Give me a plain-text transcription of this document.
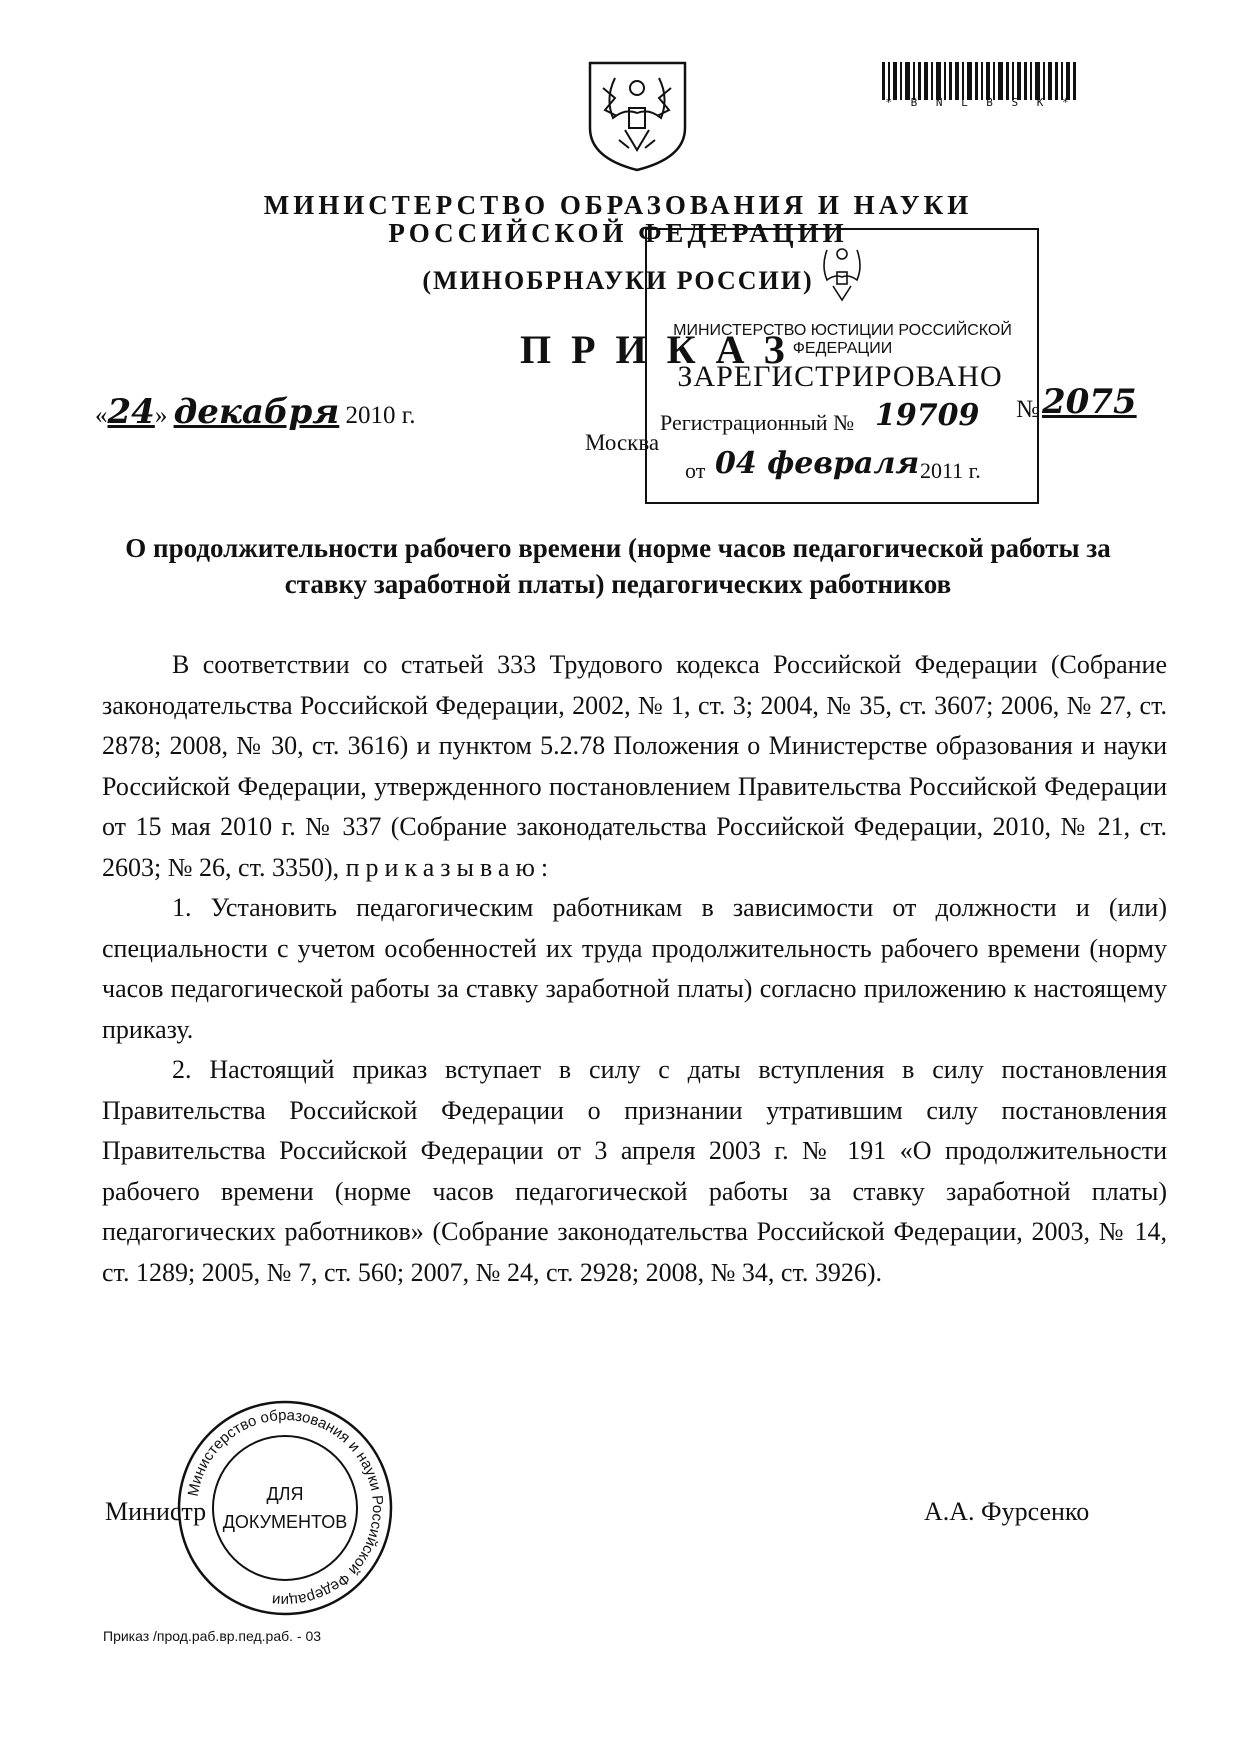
* B N L B S K *
МИНИСТЕРСТВО ОБРАЗОВАНИЯ И НАУКИ
РОССИЙСКОЙ ФЕДЕРАЦИИ
(МИНОБРНАУКИ РОССИИ)
ПРИКАЗ
МИНИСТЕРСТВО ЮСТИЦИИ РОССИЙСКОЙ ФЕДЕРАЦИИ
ЗАРЕГИСТРИРОВАНО
Регистрационный № 19709
от 04 февраля 2011 г.
«24» декабря 2010 г.
Москва
№ 2075
О продолжительности рабочего времени (норме часов педагогической работы за ставку заработной платы) педагогических работников

В соответствии со статьей 333 Трудового кодекса Российской Федерации (Собрание законодательства Российской Федерации, 2002, № 1, ст. 3; 2004, № 35, ст. 3607; 2006, № 27, ст. 2878; 2008, № 30, ст. 3616) и пунктом 5.2.78 Положения о Министерстве образования и науки Российской Федерации, утвержденного постановлением Правительства Российской Федерации от 15 мая 2010 г. № 337 (Собрание законодательства Российской Федерации, 2010, № 21, ст. 2603; № 26, ст. 3350), приказываю:

1. Установить педагогическим работникам в зависимости от должности и (или) специальности с учетом особенностей их труда продолжительность рабочего времени (норму часов педагогической работы за ставку заработной платы) согласно приложению к настоящему приказу.

2. Настоящий приказ вступает в силу с даты вступления в силу постановления Правительства Российской Федерации о признании утратившим силу постановления Правительства Российской Федерации от 3 апреля 2003 г. № 191 «О продолжительности рабочего времени (норме часов педагогической работы за ставку заработной платы) педагогических работников» (Собрание законодательства Российской Федерации, 2003, № 14, ст. 1289; 2005, № 7, ст. 560; 2007, № 24, ст. 2928; 2008, № 34, ст. 3926).

Министр	А.А. Фурсенко
Министерство образования и науки Российской Федерации
ДЛЯ
ДОКУМЕНТОВ
Приказ /прод.раб.вр.пед.раб. - 03
